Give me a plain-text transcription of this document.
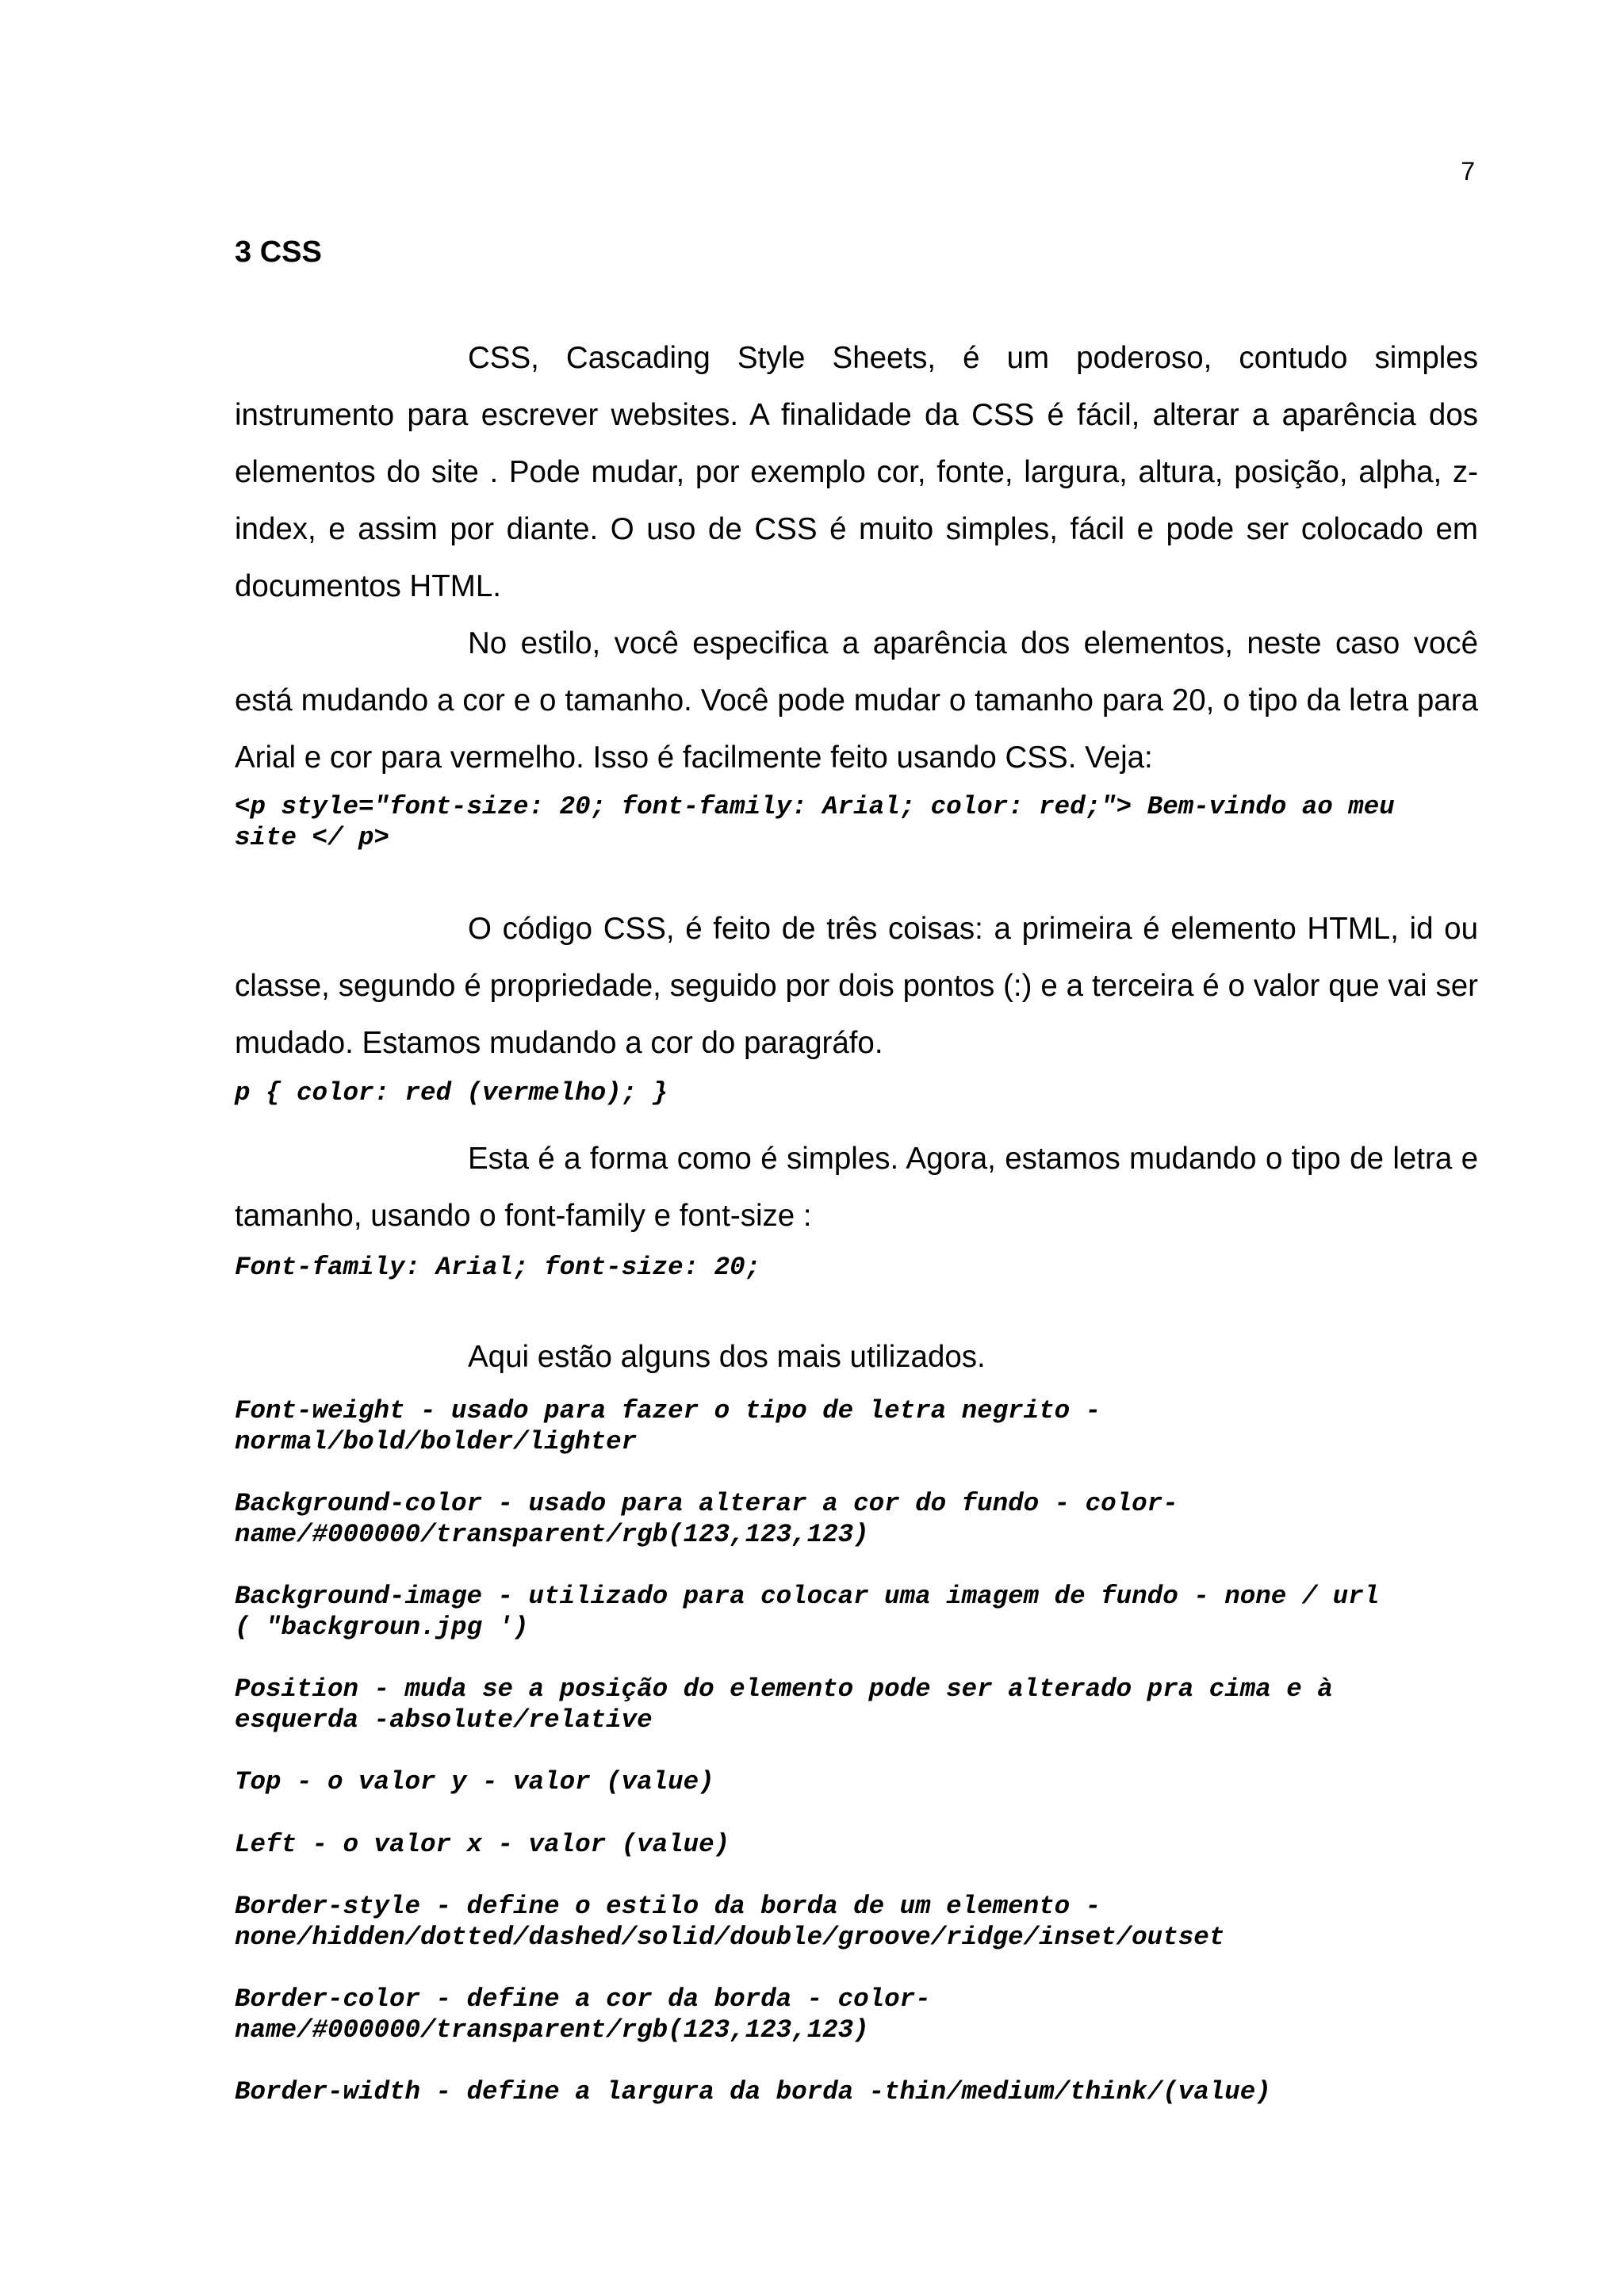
7
3 CSS

CSS, Cascading Style Sheets, é um poderoso, contudo simples instrumento para escrever websites. A finalidade da CSS é fácil, alterar a aparência dos elementos do site . Pode mudar, por exemplo cor, fonte, largura, altura, posição, alpha, z-index, e assim por diante. O uso de CSS é muito simples, fácil e pode ser colocado em documentos HTML.

No estilo, você especifica a aparência dos elementos, neste caso você está mudando a cor e o tamanho. Você pode mudar o tamanho para 20, o tipo da letra para Arial e cor para vermelho. Isso é facilmente feito usando CSS. Veja:

<p style="font-size: 20; font-family: Arial; color: red;"> Bem-vindo ao meu
site </ p>

O código CSS, é feito de três coisas: a primeira é elemento HTML, id ou classe, segundo é propriedade, seguido por dois pontos (:) e a terceira é o valor que vai ser mudado. Estamos mudando a cor do paragráfo.

p { color: red (vermelho); }

Esta é a forma como é simples. Agora, estamos mudando o tipo de letra e tamanho, usando o font-family e font-size :

Font-family: Arial; font-size: 20;

Aqui estão alguns dos mais utilizados.

Font-weight - usado para fazer o tipo de letra negrito -
normal/bold/bolder/lighter
Background-color - usado para alterar a cor do fundo - color-
name/#000000/transparent/rgb(123,123,123)
Background-image - utilizado para colocar uma imagem de fundo - none / url
( "backgroun.jpg ')
Position - muda se a posição do elemento pode ser alterado pra cima e à
esquerda -absolute/relative
Top - o valor y - valor (value)
Left - o valor x - valor (value)
Border-style - define o estilo da borda de um elemento -
none/hidden/dotted/dashed/solid/double/groove/ridge/inset/outset
Border-color - define a cor da borda - color-
name/#000000/transparent/rgb(123,123,123)
Border-width - define a largura da borda -thin/medium/think/(value)
